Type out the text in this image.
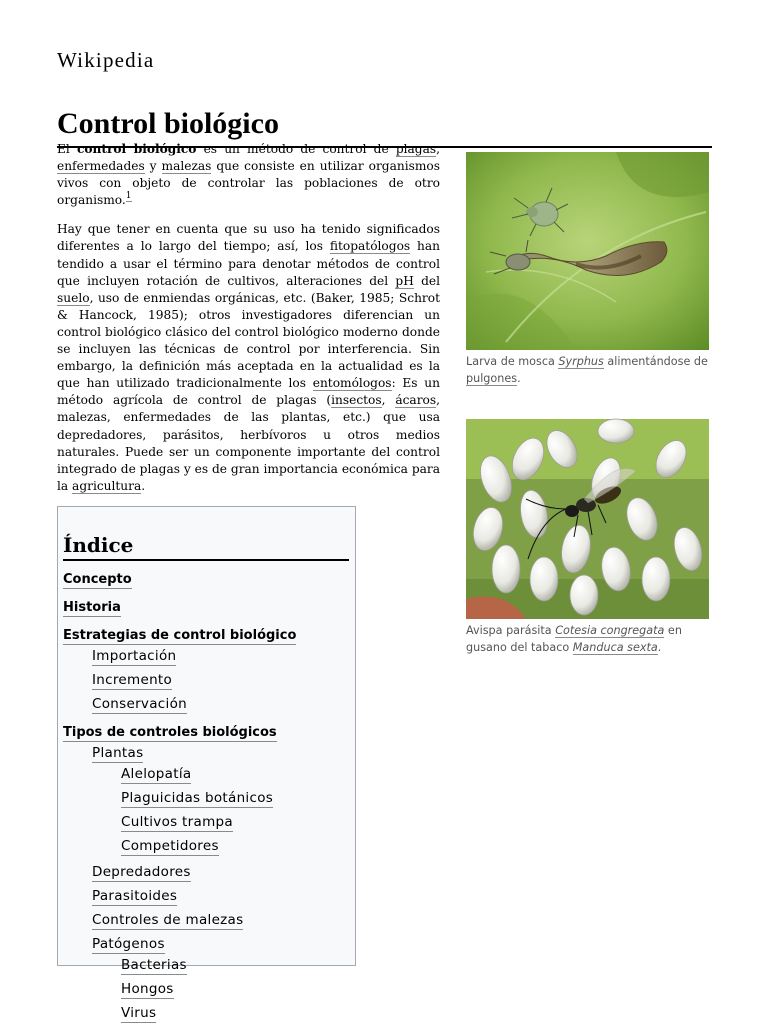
Wikipedia
Control biológico

El control biológico es un método de control de plagas, enfermedades y malezas que consiste en utilizar organismos vivos con objeto de controlar las poblaciones de otro organismo.$^1$

Hay que tener en cuenta que su uso ha tenido significados diferentes a lo largo del tiempo; así, los fitopatólogos han tendido a usar el término para denotar métodos de control que incluyen rotación de cultivos, alteraciones del pH del suelo, uso de enmiendas orgánicas, etc. (Baker, 1985; Schrot & Hancock, 1985); otros investigadores diferencian un control biológico clásico del control biológico moderno donde se incluyen las técnicas de control por interferencia. Sin embargo, la definición más aceptada en la actualidad es la que han utilizado tradicionalmente los entomólogos: Es un método agrícola de control de plagas (insectos, ácaros, malezas, enfermedades de las plantas, etc.) que usa depredadores, parásitos, herbívoros u otros medios naturales. Puede ser un componente importante del control integrado de plagas y es de gran importancia económica para la agricultura.

Índice
Concepto
Historia
Estrategias de control biológico
Importación
Incremento
Conservación
Tipos de controles biológicos
Plantas
Alelopatía
Plaguicidas botánicos
Cultivos trampa
Competidores
Depredadores
Parasitoides
Controles de malezas
Patógenos
Bacterias
Hongos
Virus
Larva de mosca Syrphus alimentándose de pulgones.
Avispa parásita Cotesia congregata en gusano del tabaco Manduca sexta.
